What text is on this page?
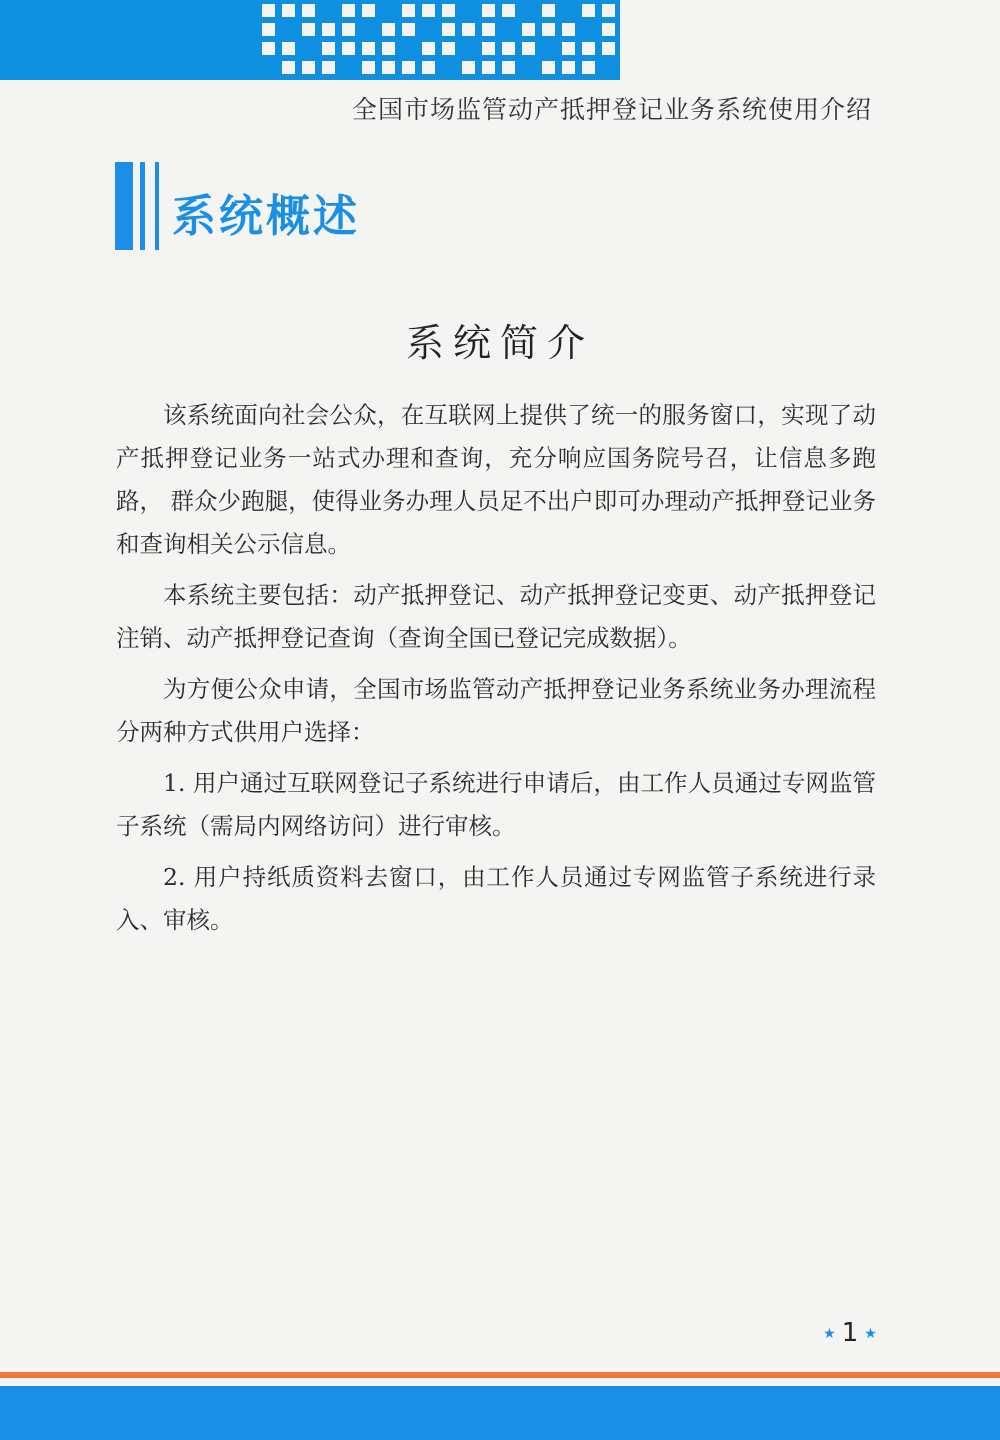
全国市场监管动产抵押登记业务系统使用介绍
系统概述
系统简介

该系统面向社会公众，在互联网上提供了统一的服务窗口，实现了动产抵押登记业务一站式办理和查询，充分响应国务院号召，让信息多跑路， 群众少跑腿，使得业务办理人员足不出户即可办理动产抵押登记业务和查询相关公示信息。

本系统主要包括：动产抵押登记、动产抵押登记变更、动产抵押登记注销、动产抵押登记查询（查询全国已登记完成数据）。

为方便公众申请，全国市场监管动产抵押登记业务系统业务办理流程分两种方式供用户选择：

1. 用户通过互联网登记子系统进行申请后，由工作人员通过专网监管子系统（需局内网络访问）进行审核。

2. 用户持纸质资料去窗口，由工作人员通过专网监管子系统进行录入、审核。

★ 1 ★
